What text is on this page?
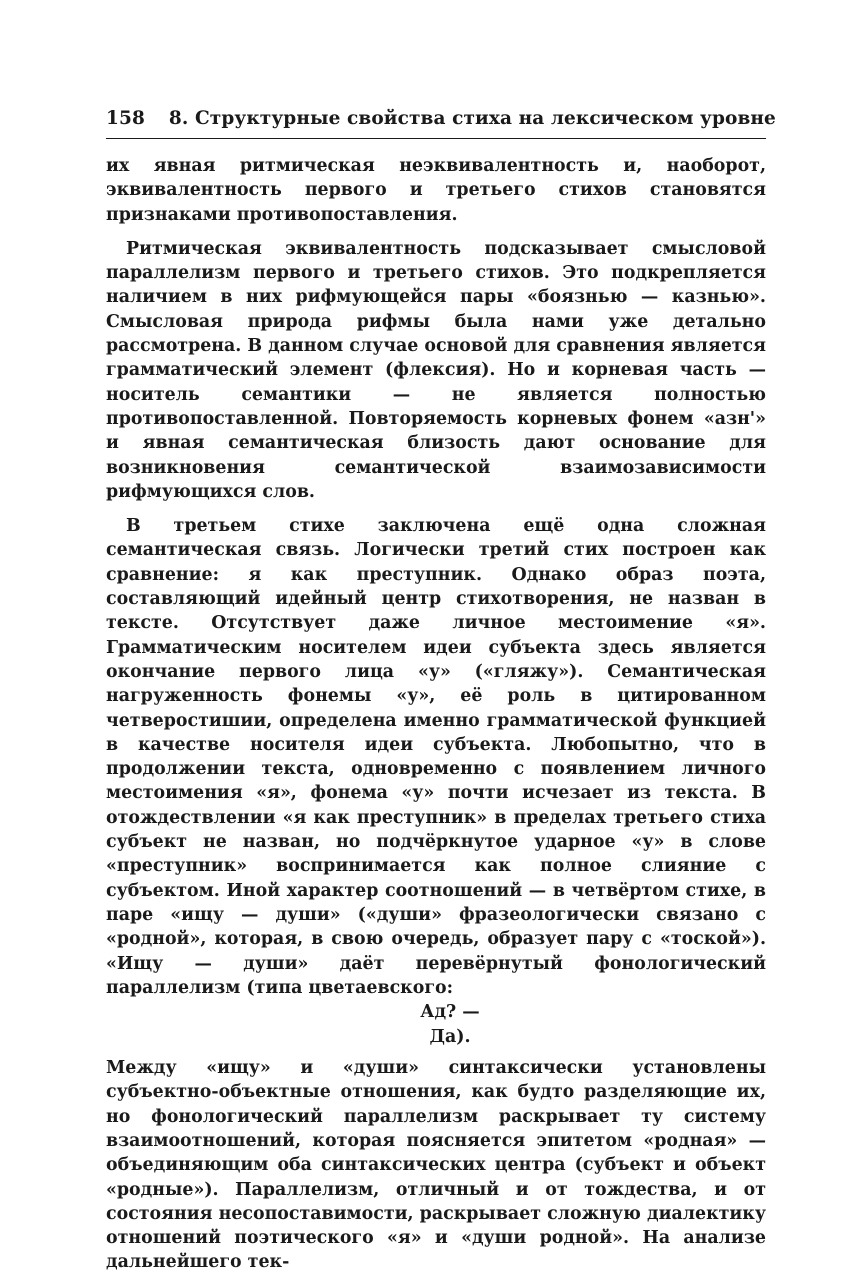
158 8. Структурные свойства стиха на лексическом уровне

их явная ритмическая неэквивалентность и, наоборот, эквивалентность первого и третьего стихов становятся признаками противопоставления.

Ритмическая эквивалентность подсказывает смысловой параллелизм первого и третьего стихов. Это подкрепляется наличием в них рифмующейся пары «боязнью — казнью». Смысловая природа рифмы была нами уже детально рассмотрена. В данном случае основой для сравнения является грамматический элемент (флексия). Но и корневая часть — носитель семантики — не является полностью противопоставленной. Повторяемость корневых фонем «азн'» и явная семантическая близость дают основание для возникновения семантической взаимозависимости рифмующихся слов.

В третьем стихе заключена ещё одна сложная семантическая связь. Логически третий стих построен как сравнение: я как преступник. Однако образ поэта, составляющий идейный центр стихотворения, не назван в тексте. Отсутствует даже личное местоимение «я». Грамматическим носителем идеи субъекта здесь является окончание первого лица «у» («гляжу»). Семантическая нагруженность фонемы «у», её роль в цитированном четверостишии, определена именно грамматической функцией в качестве носителя идеи субъекта. Любопытно, что в продолжении текста, одновременно с появлением личного местоимения «я», фонема «у» почти исчезает из текста. В отождествлении «я как преступник» в пределах третьего стиха субъект не назван, но подчёркнутое ударное «у» в слове «преступник» воспринимается как полное слияние с субъектом. Иной характер соотношений — в четвёртом стихе, в паре «ищу — души» («души» фразеологически связано с «родной», которая, в свою очередь, образует пару с «тоской»). «Ищу — души» даёт перевёрнутый фонологический параллелизм (типа цветаевского:

Ад? —
Да).

Между «ищу» и «души» синтаксически установлены субъектно-объектные отношения, как будто разделяющие их, но фонологический параллелизм раскрывает ту систему взаимоотношений, которая поясняется эпитетом «родная» — объединяющим оба синтаксических центра (субъект и объект «родные»). Параллелизм, отличный и от тождества, и от состояния несопоставимости, раскрывает сложную диалектику отношений поэтического «я» и «души родной». На анализе дальнейшего тек-
